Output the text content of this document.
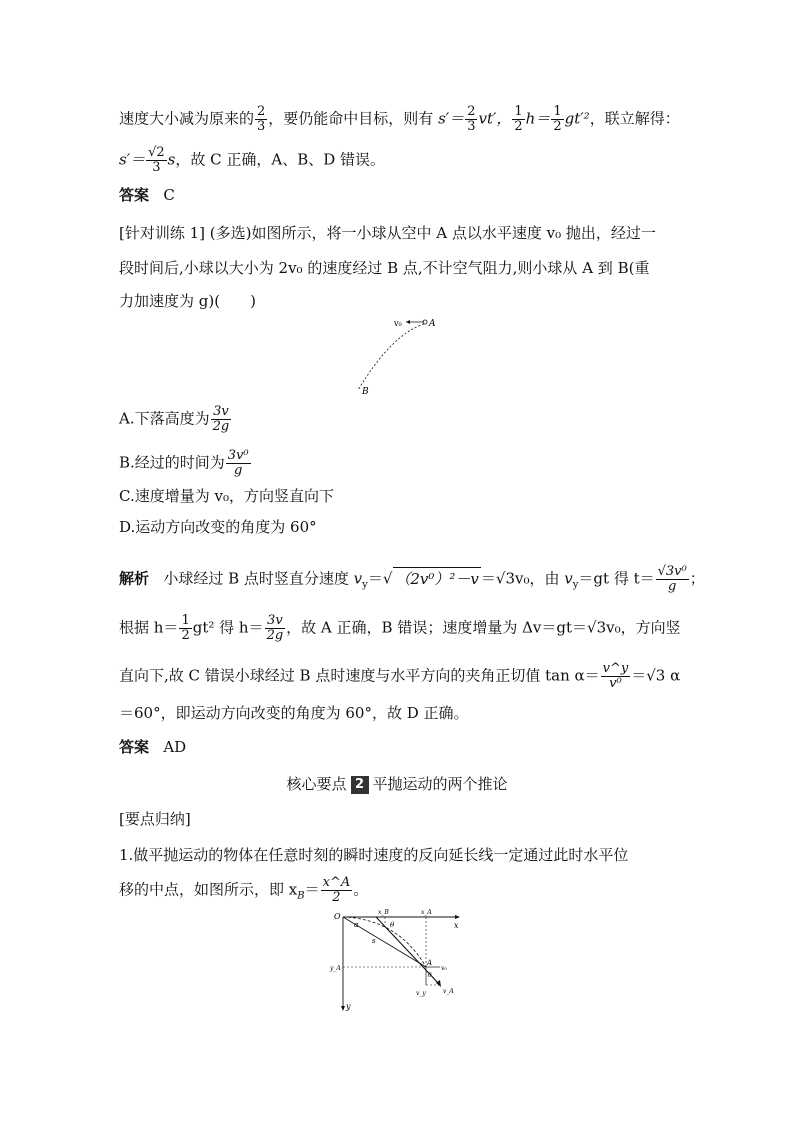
速度大小减为原来的 $\frac{2}{3}$ ，要仍能命中目标，则有 $s'= \frac{2}{3} vt'$， $\frac{1}{2} h= \frac{1}{2} gt'^2$，联立解得：
$s'= \frac{√2}{3}$ s，故 C 正确，A、B、D 错误。
答案 C
[针对训练 1] (多选)如图所示，将一小球从空中 A 点以水平速度 v₀ 抛出，经过一
段时间后,小球以大小为 2v₀ 的速度经过 B 点,不计空气阻力,则小球从 A 到 B(重
力加速度为 g)(　　)
v₀	A
B
A.下落高度为 $\frac{3v}{2g}$
B.经过的时间为 $\frac{\text{3v⁰}}{g}$
C.速度增量为 v₀，方向竖直向下
D.运动方向改变的角度为 60°
解析 小球经过 B 点时竖直分速度 $v_y=√$ （2v⁰）²－v ＝√3v₀，由 $v_y=gt$ 得 $t= \frac{\text{√3v⁰}}{g}$ ；
根据 $h= \frac{1}{2} gt^2$ 得 $h= \frac{3v}{2g}$ ，故 A 正确，B 错误；速度增量为 Δv＝gt＝√3v₀，方向竖
直向下,故 C 错误小球经过 B 点时速度与水平方向的夹角正切值 $\tan \alpha= \frac{v\^{}y}{\text{v⁰}} =√3$ α
＝60°，即运动方向改变的角度为 60°，故 D 正确。
答案 AD
核心要点 2 平抛运动的两个推论
[要点归纳]
1.做平抛运动的物体在任意时刻的瞬时速度的反向延长线一定通过此时水平位
移的中点，如图所示，即 $x_B= \frac{x\^{}A}{2}$ 。
O
x
y
x_B	x_A
y_A
α	θ
s
A
θ
v₀
v_y	v_A
